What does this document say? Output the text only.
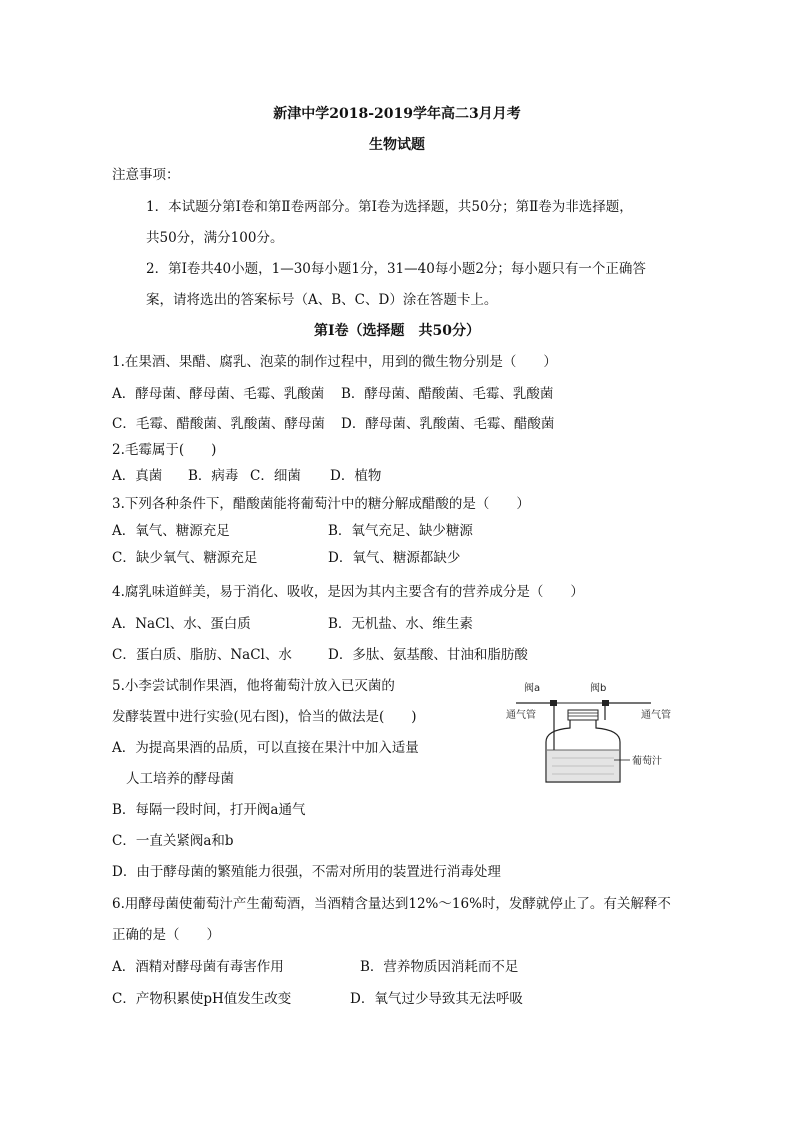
新津中学2018-2019学年高二3月月考
生物试题
注意事项：
1．本试题分第Ⅰ卷和第Ⅱ卷两部分。第Ⅰ卷为选择题，共50分；第Ⅱ卷为非选择题，
共50分，满分100分。
2．第Ⅰ卷共40小题，1—30每小题1分，31—40每小题2分；每小题只有一个正确答
案，请将选出的答案标号（A、B、C、D）涂在答题卡上。
第Ⅰ卷（选择题　共50分）
1.在果酒、果醋、腐乳、泡菜的制作过程中，用到的微生物分别是（　　）
A．酵母菌、酵母菌、毛霉、乳酸菌 B．酵母菌、醋酸菌、毛霉、乳酸菌
C．毛霉、醋酸菌、乳酸菌、酵母菌 D．酵母菌、乳酸菌、毛霉、醋酸菌
2.毛霉属于(　　)
A．真菌 B．病毒 C．细菌 D．植物
3.下列各种条件下，醋酸菌能将葡萄汁中的糖分解成醋酸的是（　　）
A．氧气、糖源充足	B．氧气充足、缺少糖源
C．缺少氧气、糖源充足	D．氧气、糖源都缺少
4.腐乳味道鲜美，易于消化、吸收，是因为其内主要含有的营养成分是（　　）
A．NaCl、水、蛋白质	B．无机盐、水、维生素
C．蛋白质、脂肪、NaCl、水	D．多肽、氨基酸、甘油和脂肪酸
5.小李尝试制作果酒，他将葡萄汁放入已灭菌的
发酵装置中进行实验(见右图)，恰当的做法是(　　)
A．为提高果酒的品质，可以直接在果汁中加入适量
人工培养的酵母菌
B．每隔一段时间，打开阀a通气
C．一直关紧阀a和b
D．由于酵母菌的繁殖能力很强，不需对所用的装置进行消毒处理
阀a	阀b
通气管	通气管
葡萄汁
6.用酵母菌使葡萄汁产生葡萄酒，当酒精含量达到12%～16%时，发酵就停止了。有关解释不
正确的是（　　）
A．酒精对酵母菌有毒害作用	B．营养物质因消耗而不足
C．产物积累使pH值发生改变	D．氧气过少导致其无法呼吸
